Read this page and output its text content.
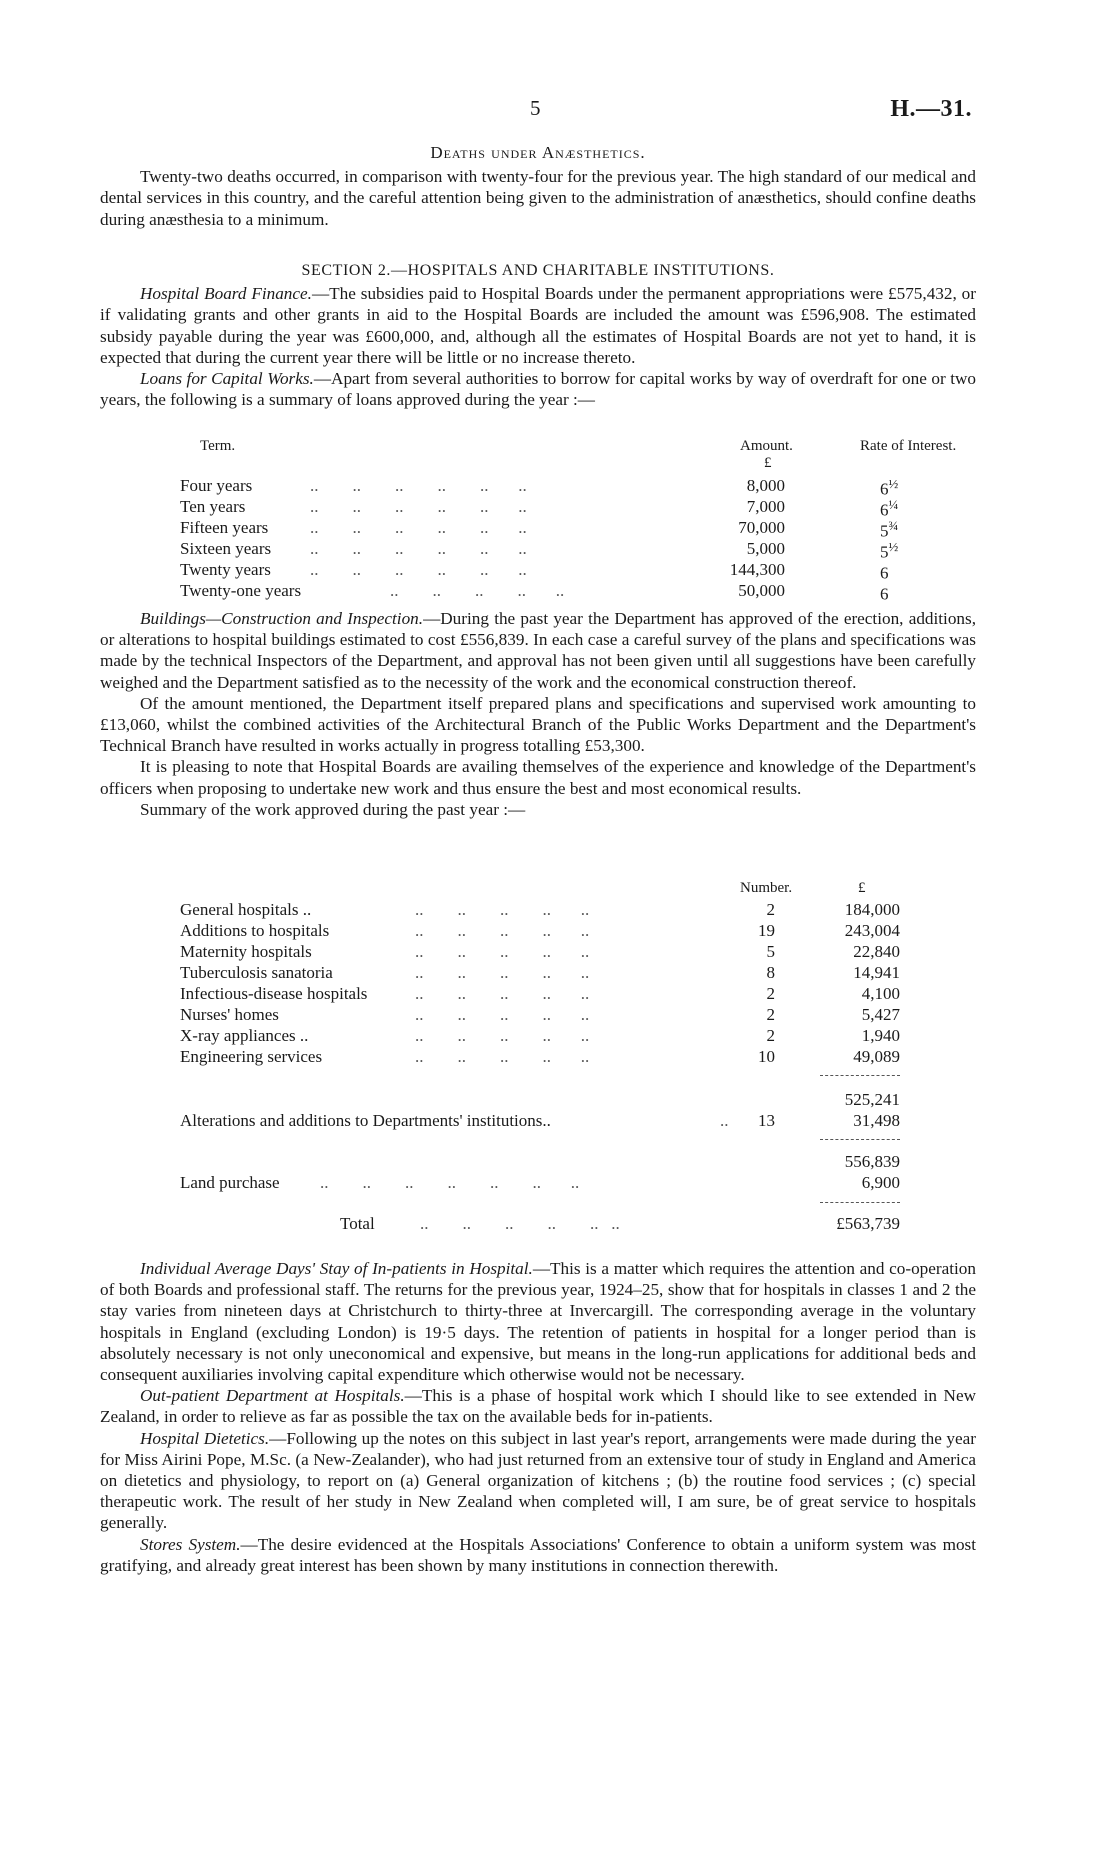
5	H.—31.
Deaths under Anæsthetics.

Twenty-two deaths occurred, in comparison with twenty-four for the previous year. The high standard of our medical and dental services in this country, and the careful attention being given to the administration of anæsthetics, should confine deaths during anæsthesia to a minimum.

SECTION 2.—HOSPITALS AND CHARITABLE INSTITUTIONS.

Hospital Board Finance.—The subsidies paid to Hospital Boards under the permanent appropriations were £575,432, or if validating grants and other grants in aid to the Hospital Boards are included the amount was £596,908. The estimated subsidy payable during the year was £600,000, and, although all the estimates of Hospital Boards are not yet to hand, it is expected that during the current year there will be little or no increase thereto.

Loans for Capital Works.—Apart from several authorities to borrow for capital works by way of overdraft for one or two years, the following is a summary of loans approved during the year :—

Term.	Amount.	Rate of Interest.
£
Four years	..        ..        ..        ..        ..       ..	8,000	$6^{\frac{1}{2}}$
Ten years	..        ..        ..        ..        ..       ..	7,000	$6^{\frac{1}{4}}$
Fifteen years ..        ..        ..        ..        ..       ..	70,000	$5^{\frac{3}{4}}$
Sixteen years ..        ..        ..        ..        ..       ..	5,000	$5^{\frac{1}{2}}$
Twenty years ..        ..        ..        ..        ..       ..	144,300	6
Twenty-one years	..        ..        ..        ..       ..	50,000	6

Buildings—Construction and Inspection.—During the past year the Department has approved of the erection, additions, or alterations to hospital buildings estimated to cost £556,839. In each case a careful survey of the plans and specifications was made by the technical Inspectors of the Department, and approval has not been given until all suggestions have been carefully weighed and the Department satisfied as to the necessity of the work and the economical construction thereof.

Of the amount mentioned, the Department itself prepared plans and specifications and supervised work amounting to £13,060, whilst the combined activities of the Architectural Branch of the Public Works Department and the Department's Technical Branch have resulted in works actually in progress totalling £53,300.

It is pleasing to note that Hospital Boards are availing themselves of the experience and knowledge of the Department's officers when proposing to undertake new work and thus ensure the best and most economical results.

Summary of the work approved during the past year :—

Number.	£
General hospitals ..	..        ..        ..        ..       ..	2	184,000
Additions to hospitals	..        ..        ..        ..       ..	19	243,004
Maternity hospitals	..        ..        ..        ..       ..	5	22,840
Tuberculosis sanatoria	..        ..        ..        ..       ..	8	14,941
Infectious-disease hospitals	..        ..        ..        ..       ..	2	4,100
Nurses' homes	..        ..        ..        ..       ..	2	5,427
X-ray appliances ..	..        ..        ..        ..       ..	2	1,940
Engineering services	..        ..        ..        ..       ..	10	49,089
525,241
Alterations and additions to Departments' institutions..	..	13	31,498
556,839
Land purchase ..        ..        ..        ..        ..        ..       ..	6,900
Total	..        ..        ..        ..        ..   ..	£563,739

Individual Average Days' Stay of In-patients in Hospital.—This is a matter which requires the attention and co-operation of both Boards and professional staff. The returns for the previous year, 1924–25, show that for hospitals in classes 1 and 2 the stay varies from nineteen days at Christchurch to thirty-three at Invercargill. The corresponding average in the voluntary hospitals in England (excluding London) is 19·5 days. The retention of patients in hospital for a longer period than is absolutely necessary is not only uneconomical and expensive, but means in the long-run applications for additional beds and consequent auxiliaries involving capital expenditure which otherwise would not be necessary.

Out-patient Department at Hospitals.—This is a phase of hospital work which I should like to see extended in New Zealand, in order to relieve as far as possible the tax on the available beds for in-patients.

Hospital Dietetics.—Following up the notes on this subject in last year's report, arrangements were made during the year for Miss Airini Pope, M.Sc. (a New-Zealander), who had just returned from an extensive tour of study in England and America on dietetics and physiology, to report on (a) General organization of kitchens ; (b) the routine food services ; (c) special therapeutic work. The result of her study in New Zealand when completed will, I am sure, be of great service to hospitals generally.

Stores System.—The desire evidenced at the Hospitals Associations' Conference to obtain a uniform system was most gratifying, and already great interest has been shown by many institutions in connection therewith.
